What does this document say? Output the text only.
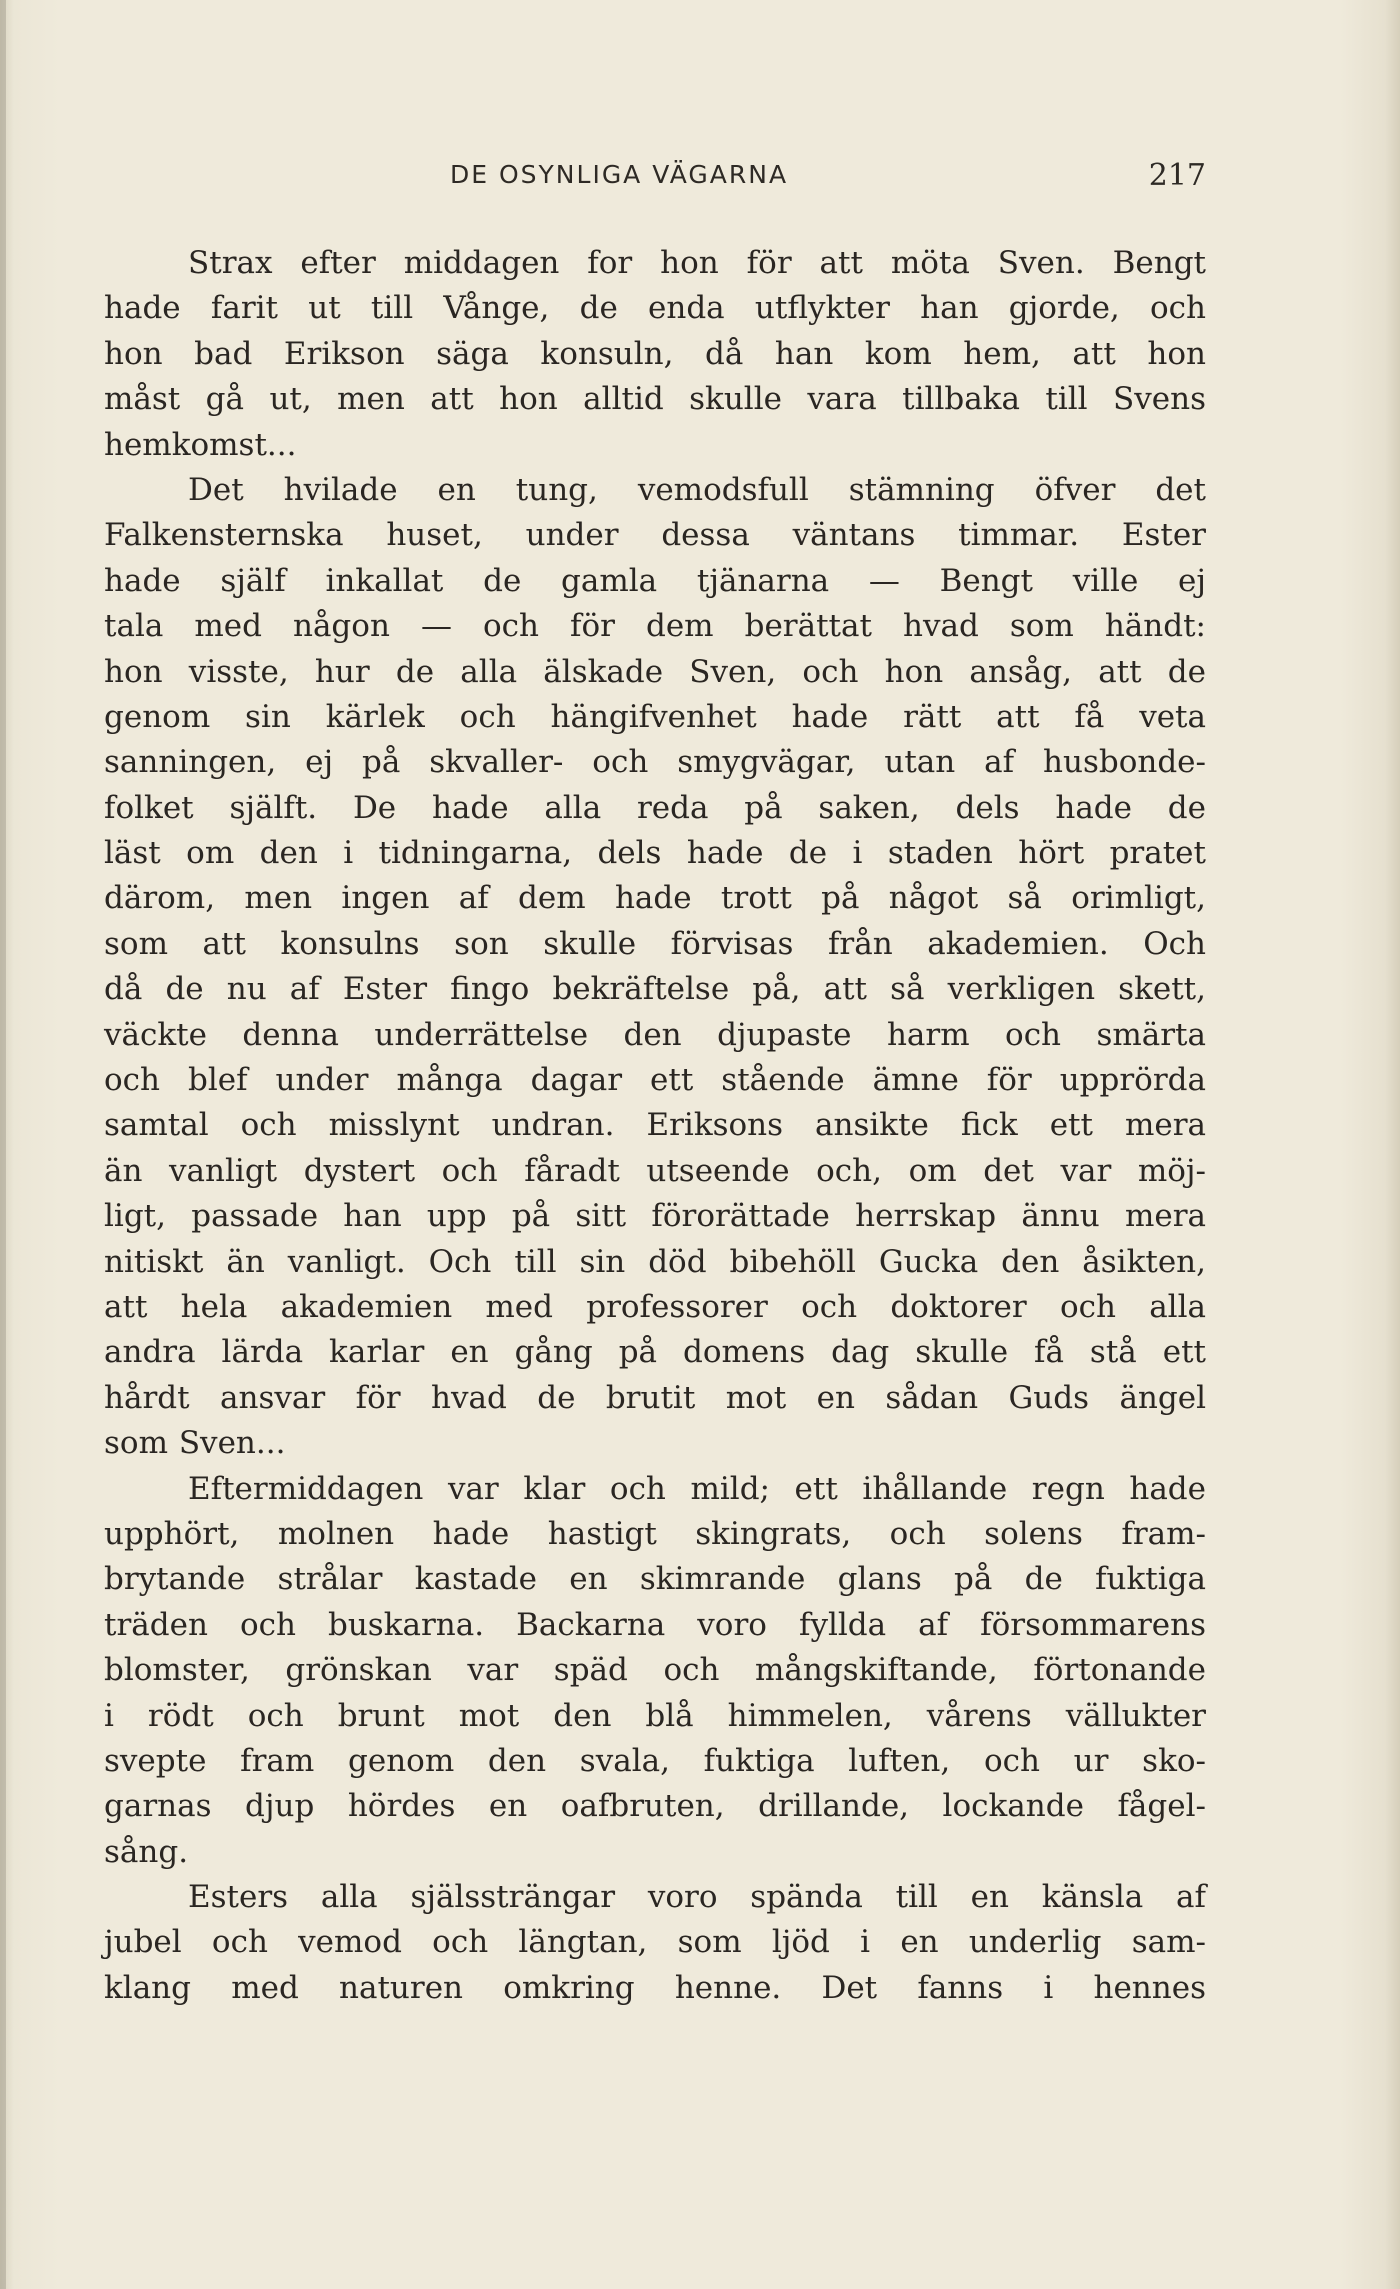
DE OSYNLIGA VÄGARNA	217
Strax efter middagen for hon för att möta Sven. Bengt
hade farit ut till Vånge, de enda utflykter han gjorde, och
hon bad Erikson säga konsuln, då han kom hem, att hon
måst gå ut, men att hon alltid skulle vara tillbaka till Svens
hemkomst...
Det hvilade en tung, vemodsfull stämning öfver det
Falkensternska huset, under dessa väntans timmar. Ester
hade själf inkallat de gamla tjänarna — Bengt ville ej
tala med någon — och för dem berättat hvad som händt:
hon visste, hur de alla älskade Sven, och hon ansåg, att de
genom sin kärlek och hängifvenhet hade rätt att få veta
sanningen, ej på skvaller- och smygvägar, utan af husbonde-
folket själft. De hade alla reda på saken, dels hade de
läst om den i tidningarna, dels hade de i staden hört pratet
därom, men ingen af dem hade trott på något så orimligt,
som att konsulns son skulle förvisas från akademien. Och
då de nu af Ester fingo bekräftelse på, att så verkligen skett,
väckte denna underrättelse den djupaste harm och smärta
och blef under många dagar ett stående ämne för upprörda
samtal och misslynt undran. Eriksons ansikte fick ett mera
än vanligt dystert och fåradt utseende och, om det var möj-
ligt, passade han upp på sitt förorättade herrskap ännu mera
nitiskt än vanligt. Och till sin död bibehöll Gucka den åsikten,
att hela akademien med professorer och doktorer och alla
andra lärda karlar en gång på domens dag skulle få stå ett
hårdt ansvar för hvad de brutit mot en sådan Guds ängel
som Sven...
Eftermiddagen var klar och mild; ett ihållande regn hade
upphört, molnen hade hastigt skingrats, och solens fram-
brytande strålar kastade en skimrande glans på de fuktiga
träden och buskarna. Backarna voro fyllda af försommarens
blomster, grönskan var späd och mångskiftande, förtonande
i rödt och brunt mot den blå himmelen, vårens vällukter
svepte fram genom den svala, fuktiga luften, och ur sko-
garnas djup hördes en oafbruten, drillande, lockande fågel-
sång.
Esters alla själssträngar voro spända till en känsla af
jubel och vemod och längtan, som ljöd i en underlig sam-
klang med naturen omkring henne. Det fanns i hennes
